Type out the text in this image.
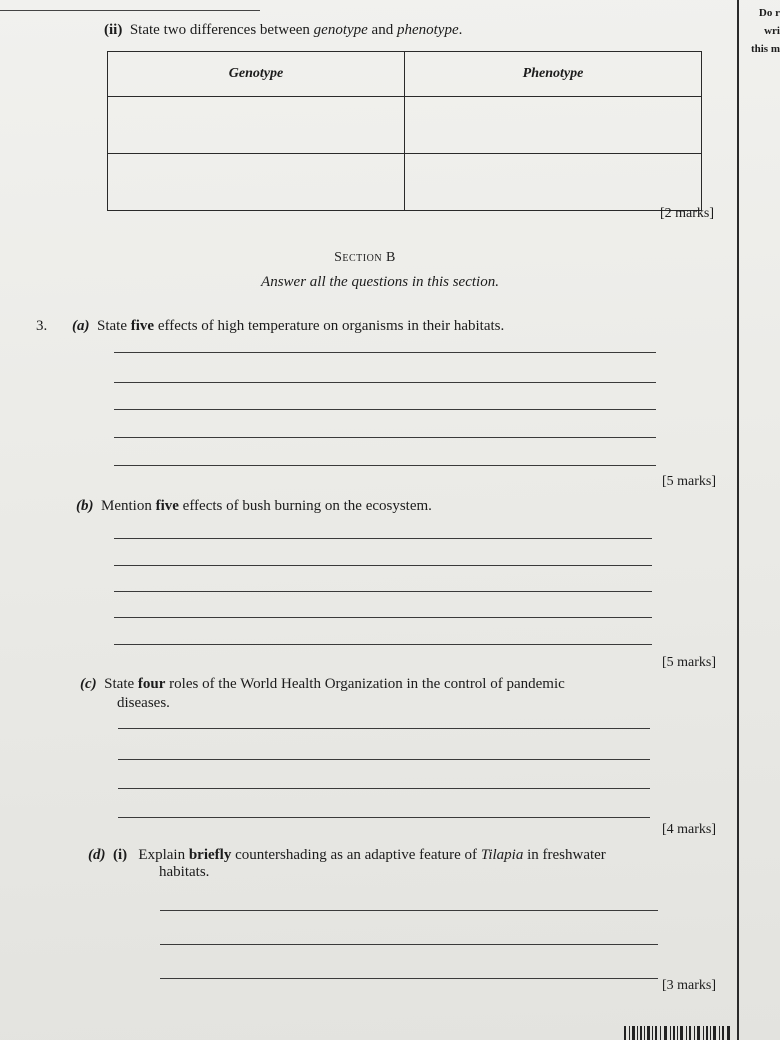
Do r
wri
this m
(ii) State two differences between genotype and phenotype.
Genotype	Phenotype

[2 marks]
Section B
Answer all the questions in this section.
3. (a) State five effects of high temperature on organisms in their habitats.
[5 marks]
(b) Mention five effects of bush burning on the ecosystem.
[5 marks]
(c) State four roles of the World Health Organization in the control of pandemic
diseases.
[4 marks]
(d) (i) Explain briefly countershading as an adaptive feature of Tilapia in freshwater
habitats.
[3 marks]
